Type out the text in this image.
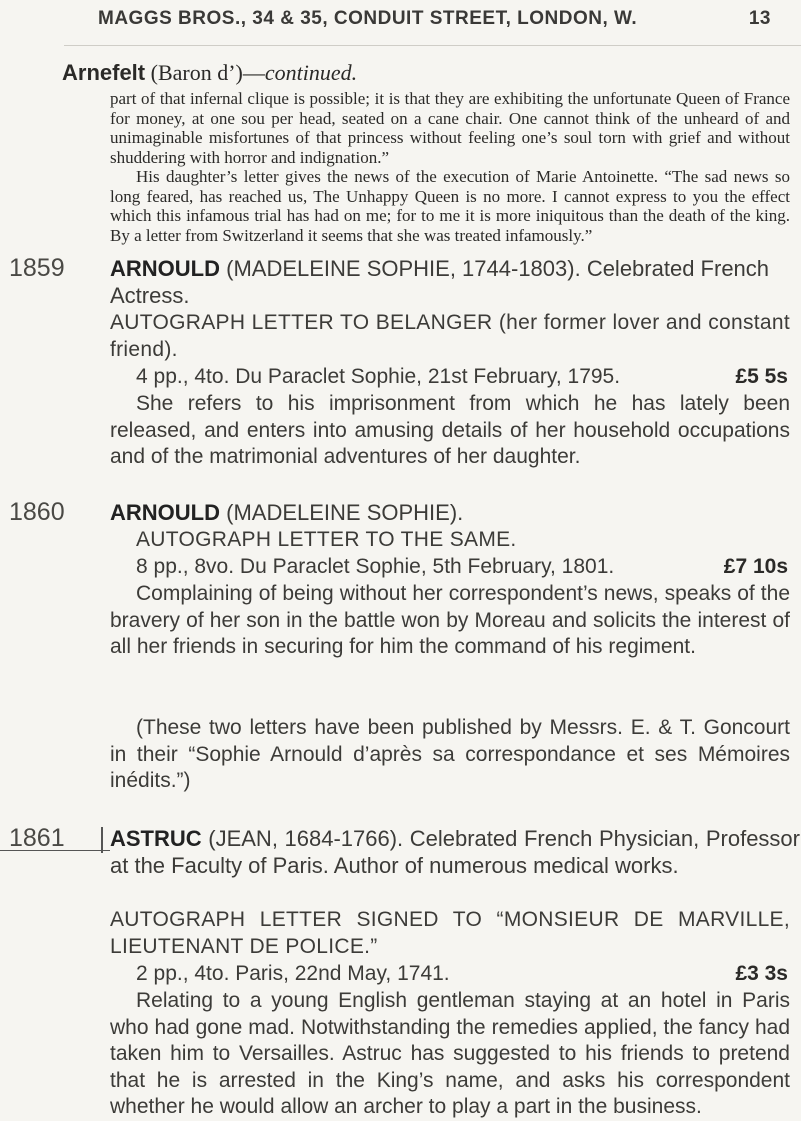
MAGGS BROS., 34 & 35, CONDUIT STREET, LONDON, W.	13
Arnefelt (Baron d’)—continued.
part of that infernal clique is possible; it is that they are exhibiting the unfortunate Queen of France for money, at one sou per head, seated on a cane chair. One cannot think of the unheard of and unimaginable misfortunes of that princess without feeling one’s soul torn with grief and without shuddering with horror and indignation.”
His daughter’s letter gives the news of the execution of Marie Antoinette. “The sad news so long feared, has reached us, The Unhappy Queen is no more. I cannot express to you the effect which this infamous trial has had on me; for to me it is more iniquitous than the death of the king. By a letter from Switzerland it seems that she was treated infamously.”
1859 ARNOULD (MADELEINE SOPHIE, 1744-1803). Celebrated French Actress.
AUTOGRAPH LETTER TO BELANGER (her former lover and constant friend).
£5 5s
4 pp., 4to. Du Paraclet Sophie, 21st February, 1795.
She refers to his imprisonment from which he has lately been released, and enters into amusing details of her household occupations and of the matrimonial adventures of her daughter.
1860 ARNOULD (MADELEINE SOPHIE).
AUTOGRAPH LETTER TO THE SAME.
£7 10s
8 pp., 8vo. Du Paraclet Sophie, 5th February, 1801.
Complaining of being without her correspondent’s news, speaks of the bravery of her son in the battle won by Moreau and solicits the interest of all her friends in securing for him the command of his regiment.
(These two letters have been published by Messrs. E. & T. Goncourt in their “Sophie Arnould d’après sa correspondance et ses Mémoires inédits.”)
1861 ASTRUC (JEAN, 1684-1766). Celebrated French Physician, Professor at the Faculty of Paris. Author of numerous medical works.
AUTOGRAPH LETTER SIGNED TO “MONSIEUR DE MARVILLE, LIEUTENANT DE POLICE.”
£3 3s
2 pp., 4to. Paris, 22nd May, 1741.
Relating to a young English gentleman staying at an hotel in Paris who had gone mad. Notwithstanding the remedies applied, the fancy had taken him to Versailles. Astruc has suggested to his friends to pretend that he is arrested in the King’s name, and asks his correspondent whether he would allow an archer to play a part in the business.
